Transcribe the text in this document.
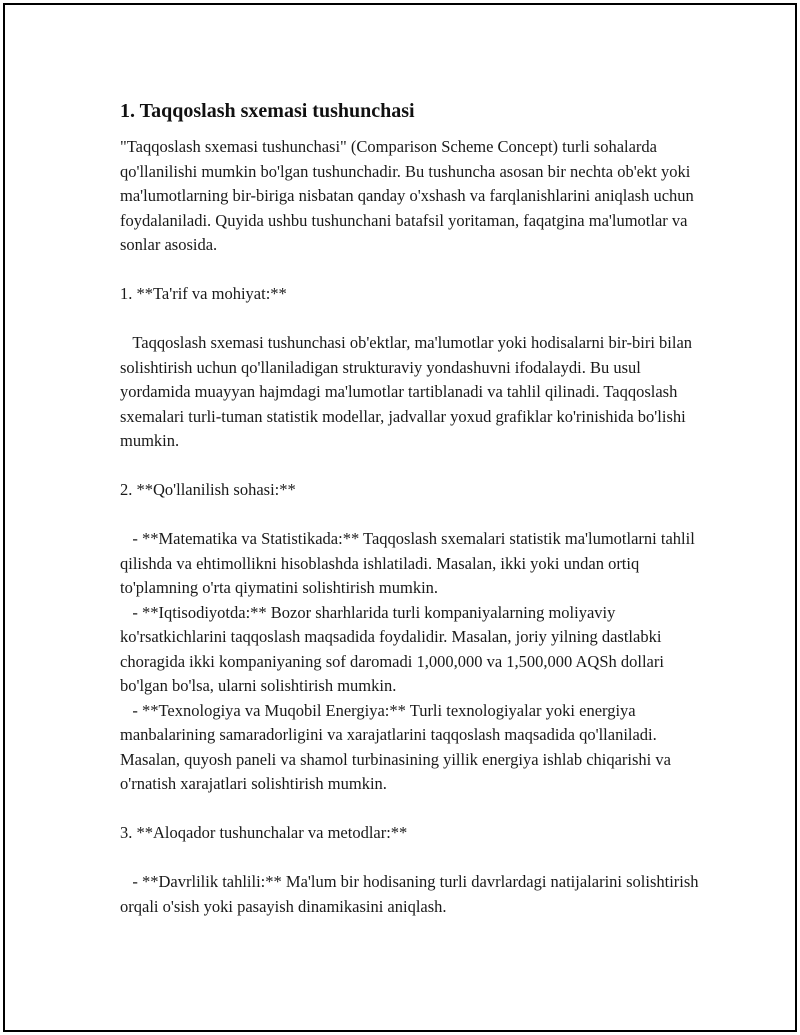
1. Taqqoslash sxemasi tushunchasi

"Taqqoslash sxemasi tushunchasi" (Comparison Scheme Concept) turli sohalarda qo'llanilishi mumkin bo'lgan tushunchadir. Bu tushuncha asosan bir nechta ob'ekt yoki ma'lumotlarning bir-biriga nisbatan qanday o'xshash va farqlanishlarini aniqlash uchun foydalaniladi. Quyida ushbu tushunchani batafsil yoritaman, faqatgina ma'lumotlar va sonlar asosida.

1. **Ta'rif va mohiyat:**

Taqqoslash sxemasi tushunchasi ob'ektlar, ma'lumotlar yoki hodisalarni bir-biri bilan solishtirish uchun qo'llaniladigan strukturaviy yondashuvni ifodalaydi. Bu usul yordamida muayyan hajmdagi ma'lumotlar tartiblanadi va tahlil qilinadi. Taqqoslash sxemalari turli-tuman statistik modellar, jadvallar yoxud grafiklar ko'rinishida bo'lishi mumkin.

2. **Qo'llanilish sohasi:**

- **Matematika va Statistikada:** Taqqoslash sxemalari statistik ma'lumotlarni tahlil qilishda va ehtimollikni hisoblashda ishlatiladi. Masalan, ikki yoki undan ortiq to'plamning o'rta qiymatini solishtirish mumkin.

- **Iqtisodiyotda:** Bozor sharhlarida turli kompaniyalarning moliyaviy ko'rsatkichlarini taqqoslash maqsadida foydalidir. Masalan, joriy yilning dastlabki choragida ikki kompaniyaning sof daromadi 1,000,000 va 1,500,000 AQSh dollari bo'lgan bo'lsa, ularni solishtirish mumkin.

- **Texnologiya va Muqobil Energiya:** Turli texnologiyalar yoki energiya manbalarining samaradorligini va xarajatlarini taqqoslash maqsadida qo'llaniladi. Masalan, quyosh paneli va shamol turbinasining yillik energiya ishlab chiqarishi va o'rnatish xarajatlari solishtirish mumkin.

3. **Aloqador tushunchalar va metodlar:**

- **Davrlilik tahlili:** Ma'lum bir hodisaning turli davrlardagi natijalarini solishtirish orqali o'sish yoki pasayish dinamikasini aniqlash.
